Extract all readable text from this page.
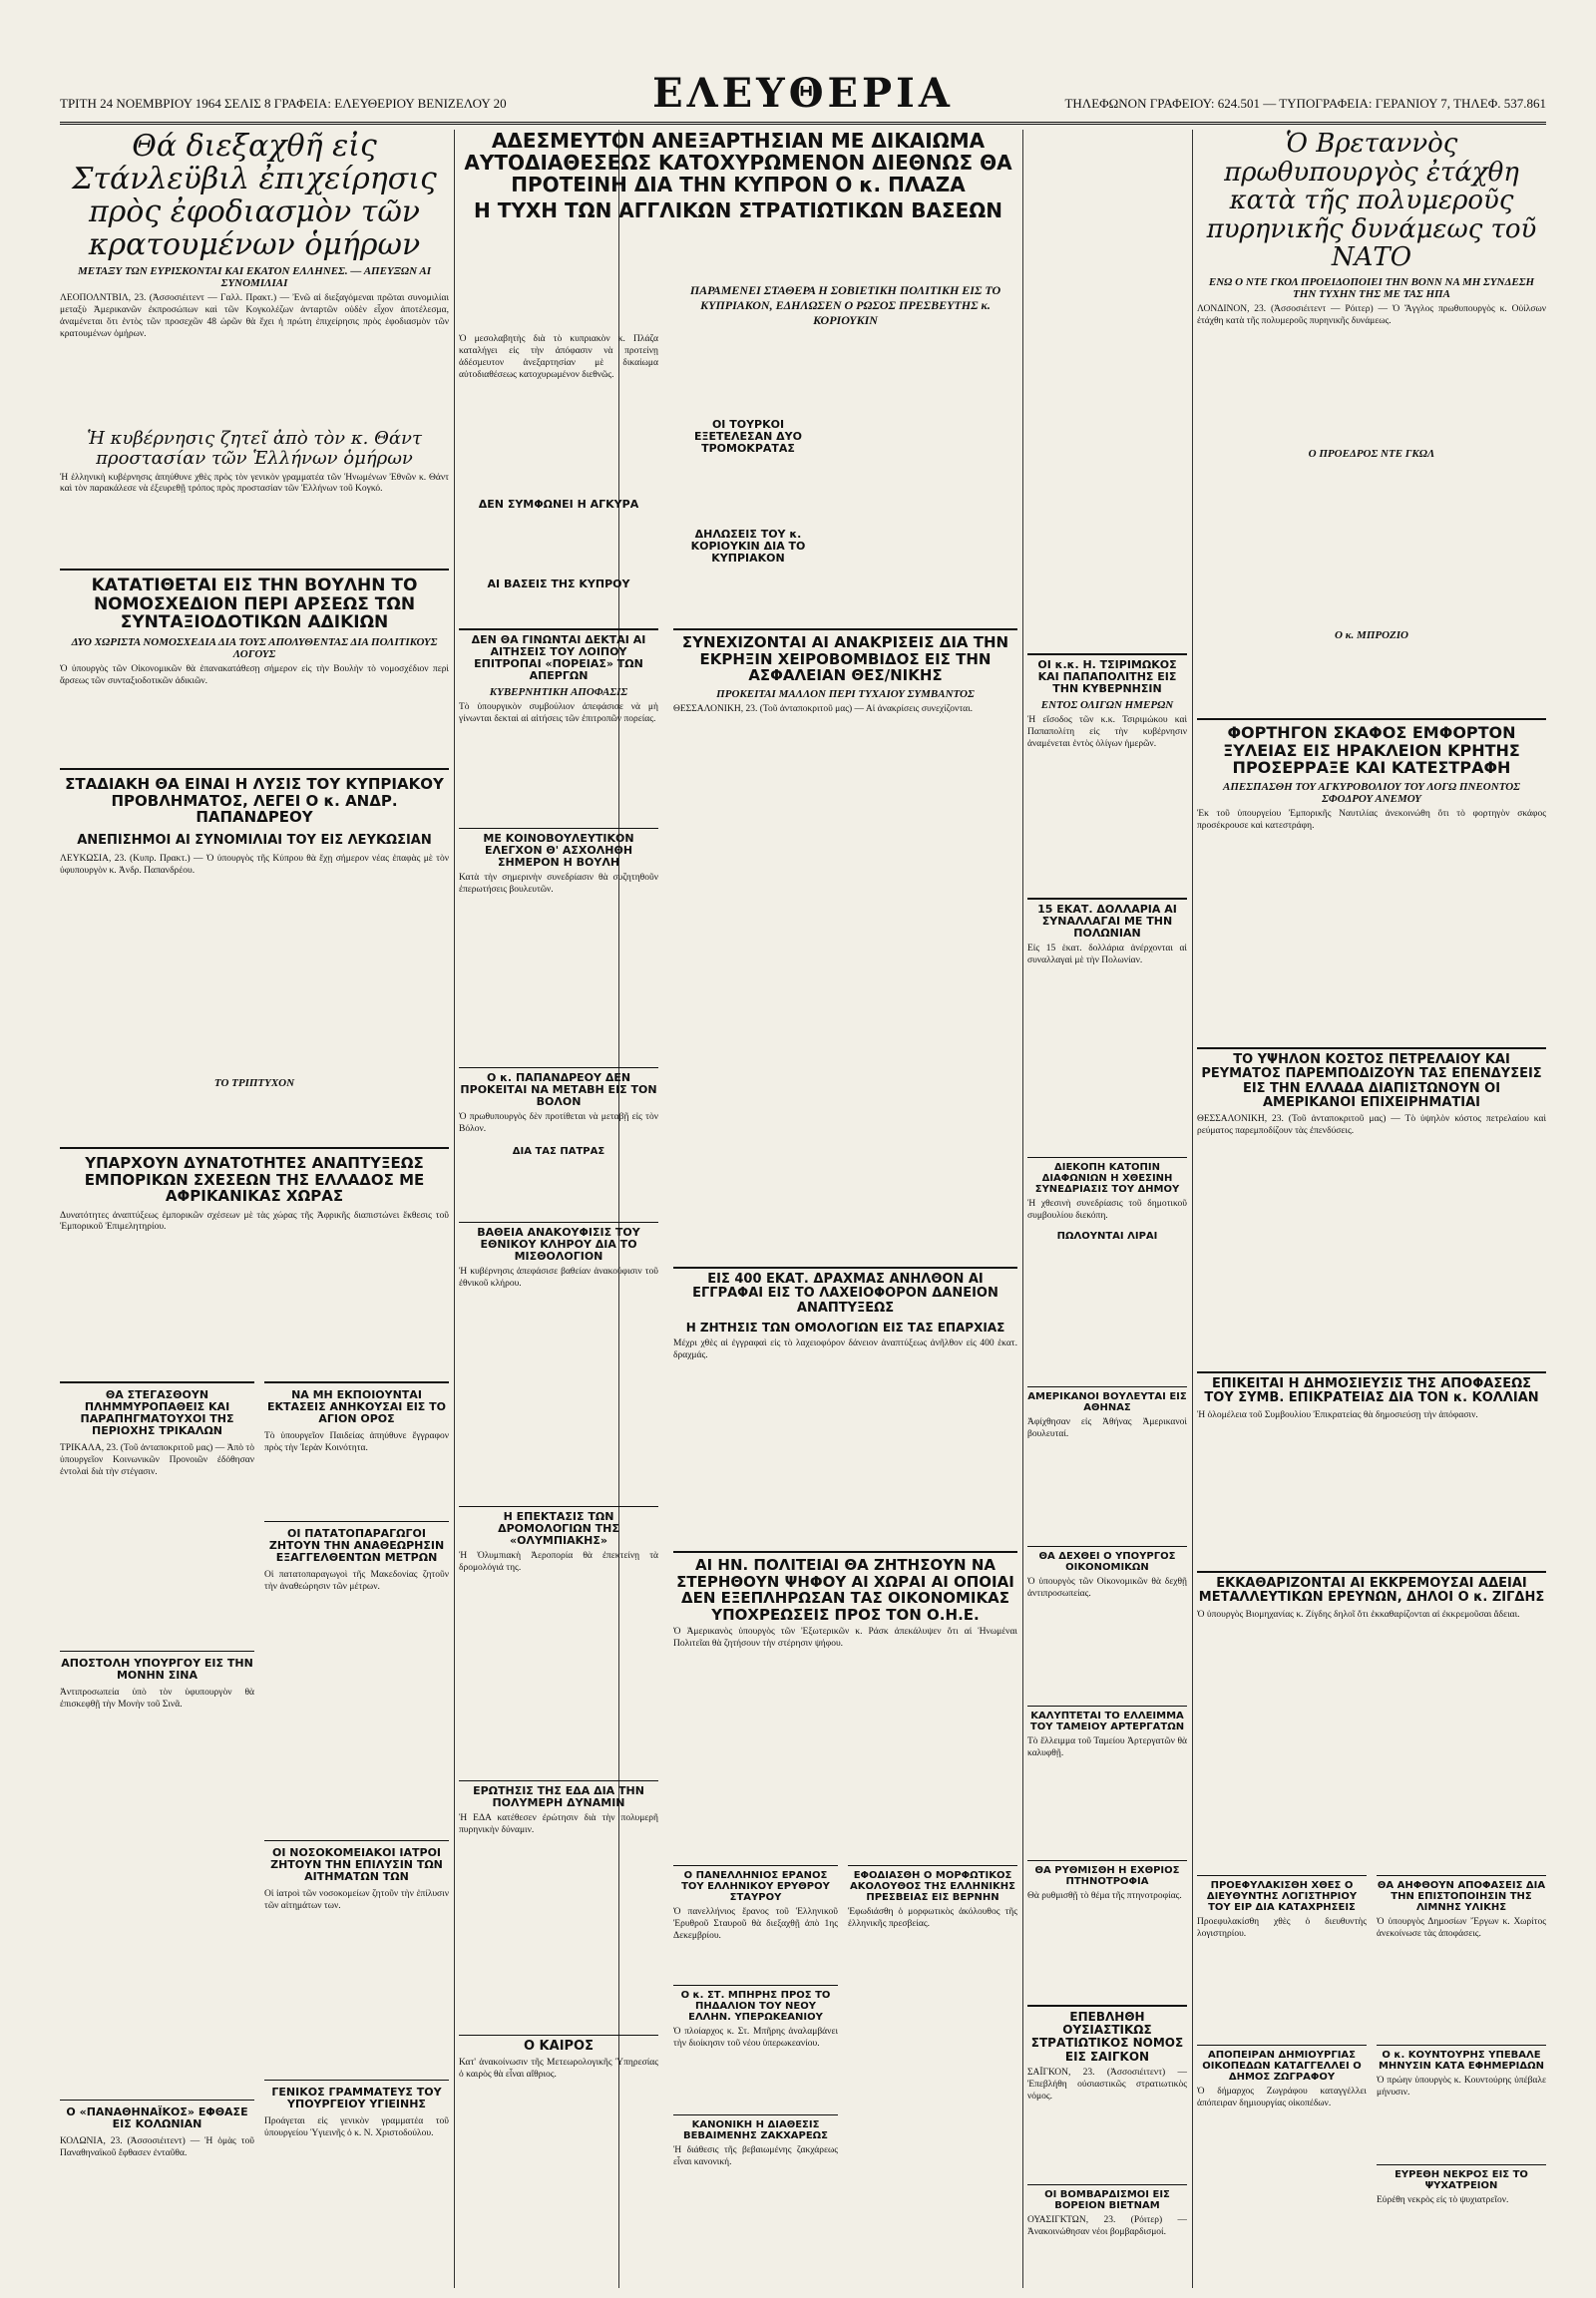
ΤΡΙΤΗ 24 ΝΟΕΜΒΡΙΟΥ 1964 ΣΕΛΙΣ 8 ΓΡΑΦΕΙΑ: ΕΛΕΥΘΕΡΙΟΥ ΒΕΝΙΖΕΛΟΥ 20	ΕΛΕΥΘΕΡΙΑ	ΤΗΛΕΦΩΝΟΝ ΓΡΑΦΕΙΟΥ: 624.501 — ΤΥΠΟΓΡΑΦΕΙΑ: ΓΕΡΑΝΙΟΥ 7, ΤΗΛΕΦ. 537.861
Θά διεξαχθῆ εἰς Στάνλεϋβιλ ἐπιχείρησις πρὸς ἐφοδιασμὸν τῶν κρατουμένων ὁμήρων
ΜΕΤΑΞΥ ΤΩΝ ΕΥΡΙΣΚΟΝΤΑΙ ΚΑΙ ΕΚΑΤΟΝ ΕΛΛΗΝΕΣ. — ΑΠΕΥΞΩΝ ΑΙ ΣΥΝΟΜΙΛΙΑΙ
ΛΕΟΠΟΛΝΤΒΙΛ, 23. (Ἀσσοσιέιτεντ — Γαλλ. Πρακτ.) — Ἐνῶ αἱ διεξαγόμεναι πρῶται συνομιλίαι μεταξὺ Ἀμερικανῶν ἐκπροσώπων καὶ τῶν Κογκολέζων ἀνταρτῶν οὐδὲν εἶχον ἀποτέλεσμα, ἀναμένεται ὅτι ἐντὸς τῶν προσεχῶν 48 ὡρῶν θὰ ἔχει ἡ πρώτη ἐπιχείρησις πρὸς ἐφοδιασμὸν τῶν κρατουμένων ὁμήρων.
Ἡ κυβέρνησις ζητεῖ ἀπὸ τὸν κ. Θάντ προστασίαν τῶν Ἑλλήνων ὁμήρων
Ἡ ἑλληνικὴ κυβέρνησις ἀπηύθυνε χθὲς πρὸς τὸν γενικὸν γραμματέα τῶν Ἡνωμένων Ἐθνῶν κ. Θάντ καὶ τὸν παρακάλεσε νὰ ἐξευρεθῇ τρόπος πρὸς προστασίαν τῶν Ἑλλήνων τοῦ Κογκό.
ΚΑΤΑΤΙΘΕΤΑΙ ΕΙΣ ΤΗΝ ΒΟΥΛΗΝ ΤΟ ΝΟΜΟΣΧΕΔΙΟΝ ΠΕΡΙ ΑΡΣΕΩΣ ΤΩΝ ΣΥΝΤΑΞΙΟΔΟΤΙΚΩΝ ΑΔΙΚΙΩΝ
ΔΥΟ ΧΩΡΙΣΤΑ ΝΟΜΟΣΧΕΔΙΑ ΔΙΑ ΤΟΥΣ ΑΠΟΛΥΘΕΝΤΑΣ ΔΙΑ ΠΟΛΙΤΙΚΟΥΣ ΛΟΓΟΥΣ
Ὁ ὑπουργὸς τῶν Οἰκονομικῶν θὰ ἐπανακατάθεσῃ σήμερον εἰς τὴν Βουλὴν τὸ νομοσχέδιον περὶ ἄρσεως τῶν συνταξιοδοτικῶν ἀδικιῶν.
ΣΤΑΔΙΑΚΗ ΘΑ ΕΙΝΑΙ Η ΛΥΣΙΣ ΤΟΥ ΚΥΠΡΙΑΚΟΥ ΠΡΟΒΛΗΜΑΤΟΣ, ΛΕΓΕΙ Ο κ. ΑΝΔΡ. ΠΑΠΑΝΔΡΕΟΥ
ΑΝΕΠΙΣΗΜΟΙ ΑΙ ΣΥΝΟΜΙΛΙΑΙ ΤΟΥ ΕΙΣ ΛΕΥΚΩΣΙΑΝ
ΛΕΥΚΩΣΙΑ, 23. (Κυπρ. Πρακτ.) — Ὁ ὑπουργὸς τῆς Κύπρου θὰ ἔχῃ σήμερον νέας ἐπαφὰς μὲ τὸν ὑφυπουργὸν κ. Ἀνδρ. Παπανδρέου.
ΤΟ ΤΡΙΠΤΥΧΟΝ
ΥΠΑΡΧΟΥΝ ΔΥΝΑΤΟΤΗΤΕΣ ΑΝΑΠΤΥΞΕΩΣ ΕΜΠΟΡΙΚΩΝ ΣΧΕΣΕΩΝ ΤΗΣ ΕΛΛΑΔΟΣ ΜΕ ΑΦΡΙΚΑΝΙΚΑΣ ΧΩΡΑΣ
Δυνατότητες ἀναπτύξεως ἐμπορικῶν σχέσεων μὲ τὰς χώρας τῆς Ἀφρικῆς διαπιστώνει ἔκθεσις τοῦ Ἐμπορικοῦ Ἐπιμελητηρίου.
ΘΑ ΣΤΕΓΑΣΘΟΥΝ ΠΛΗΜΜΥΡΟΠΑΘΕΙΣ ΚΑΙ ΠΑΡΑΠΗΓΜΑΤΟΥΧΟΙ ΤΗΣ ΠΕΡΙΟΧΗΣ ΤΡΙΚΑΛΩΝ
ΤΡΙΚΑΛΑ, 23. (Τοῦ ἀνταποκριτοῦ μας) — Ἀπὸ τὸ ὑπουργεῖον Κοινωνικῶν Προνοιῶν ἐδόθησαν ἐντολαὶ διὰ τὴν στέγασιν.
ΑΠΟΣΤΟΛΗ ΥΠΟΥΡΓΟΥ ΕΙΣ ΤΗΝ ΜΟΝΗΝ ΣΙΝΑ
Ἀντιπροσωπεία ὑπὸ τὸν ὑφυπουργὸν θὰ ἐπισκεφθῇ τὴν Μονὴν τοῦ Σινᾶ.
Ο «ΠΑΝΑΘΗΝΑΪΚΟΣ» ΕΦΘΑΣΕ ΕΙΣ ΚΟΛΩΝΙΑΝ
ΚΟΛΩΝΙΑ, 23. (Ἀσσοσιέιτεντ) — Ἡ ὁμὰς τοῦ Παναθηναϊκοῦ ἔφθασεν ἐνταῦθα.
ΝΑ ΜΗ ΕΚΠΟΙΟΥΝΤΑΙ ΕΚΤΑΣΕΙΣ ΑΝΗΚΟΥΣΑΙ ΕΙΣ ΤΟ ΑΓΙΟΝ ΟΡΟΣ
Τὸ ὑπουργεῖον Παιδείας ἀπηύθυνε ἔγγραφον πρὸς τὴν Ἱερὰν Κοινότητα.
ΟΙ ΠΑΤΑΤΟΠΑΡΑΓΩΓΟΙ ΖΗΤΟΥΝ ΤΗΝ ΑΝΑΘΕΩΡΗΣΙΝ ΕΞΑΓΓΕΛΘΕΝΤΩΝ ΜΕΤΡΩΝ
Οἱ πατατοπαραγωγοὶ τῆς Μακεδονίας ζητοῦν τὴν ἀναθεώρησιν τῶν μέτρων.
ΟΙ ΝΟΣΟΚΟΜΕΙΑΚΟΙ ΙΑΤΡΟΙ ΖΗΤΟΥΝ ΤΗΝ ΕΠΙΛΥΣΙΝ ΤΩΝ ΑΙΤΗΜΑΤΩΝ ΤΩΝ
Οἱ ἰατροὶ τῶν νοσοκομείων ζητοῦν τὴν ἐπίλυσιν τῶν αἰτημάτων των.
ΓΕΝΙΚΟΣ ΓΡΑΜΜΑΤΕΥΣ ΤΟΥ ΥΠΟΥΡΓΕΙΟΥ ΥΓΙΕΙΝΗΣ
Προάγεται εἰς γενικὸν γραμματέα τοῦ ὑπουργείου Ὑγιεινῆς ὁ κ. Ν. Χριστοδούλου.
ΑΔΕΣΜΕΥΤΟΝ ΑΝΕΞΑΡΤΗΣΙΑΝ ΜΕ ΔΙΚΑΙΩΜΑ ΑΥΤΟΔΙΑΘΕΣΕΩΣ ΚΑΤΟΧΥΡΩΜΕΝΟΝ ΔΙΕΘΝΩΣ ΘΑ ΠΡΟΤΕΙΝΗ ΔΙΑ ΤΗΝ ΚΥΠΡΟΝ Ο κ. ΠΛΑΖΑ
Η ΤΥΧΗ ΤΩΝ ΑΓΓΛΙΚΩΝ ΣΤΡΑΤΙΩΤΙΚΩΝ ΒΑΣΕΩΝ
ΠΑΡΑΜΕΝΕΙ ΣΤΑΘΕΡΑ Η ΣΟΒΙΕΤΙΚΗ ΠΟΛΙΤΙΚΗ ΕΙΣ ΤΟ ΚΥΠΡΙΑΚΟΝ, ΕΔΗΛΩΣΕΝ Ο ΡΩΣΟΣ ΠΡΕΣΒΕΥΤΗΣ κ. ΚΟΡΙΟΥΚΙΝ
Ὁ μεσολαβητὴς διὰ τὸ κυπριακὸν κ. Πλάζα καταλήγει εἰς τὴν ἀπόφασιν νὰ προτείνῃ ἀδέσμευτον ἀνεξαρτησίαν μὲ δικαίωμα αὐτοδιαθέσεως κατοχυρωμένον διεθνῶς.
ΟΙ ΤΟΥΡΚΟΙ ΕΞΕΤΕΛΕΣΑΝ ΔΥΟ ΤΡΟΜΟΚΡΑΤΑΣ
ΔΗΛΩΣΕΙΣ ΤΟΥ κ. ΚΟΡΙΟΥΚΙΝ ΔΙΑ ΤΟ ΚΥΠΡΙΑΚΟΝ
ΔΕΝ ΣΥΜΦΩΝΕΙ Η ΑΓΚΥΡΑ
ΑΙ ΒΑΣΕΙΣ ΤΗΣ ΚΥΠΡΟΥ
ΔΕΝ ΘΑ ΓΙΝΩΝΤΑΙ ΔΕΚΤΑΙ ΑΙ ΑΙΤΗΣΕΙΣ ΤΟΥ ΛΟΙΠΟΥ ΕΠΙΤΡΟΠΑΙ «ΠΟΡΕΙΑΣ» ΤΩΝ ΑΠΕΡΓΩΝ
ΚΥΒΕΡΝΗΤΙΚΗ ΑΠΟΦΑΣΙΣ
Τὸ ὑπουργικὸν συμβούλιον ἀπεφάσισε νὰ μὴ γίνωνται δεκταὶ αἱ αἰτήσεις τῶν ἐπιτροπῶν πορείας.
ΜΕ ΚΟΙΝΟΒΟΥΛΕΥΤΙΚΟΝ ΕΛΕΓΧΟΝ Θ' ΑΣΧΟΛΗΘΗ ΣΗΜΕΡΟΝ Η ΒΟΥΛΗ
Κατὰ τὴν σημερινὴν συνεδρίασιν θὰ συζητηθοῦν ἐπερωτήσεις βουλευτῶν.
Ο κ. ΠΑΠΑΝΔΡΕΟΥ ΔΕΝ ΠΡΟΚΕΙΤΑΙ ΝΑ ΜΕΤΑΒΗ ΕΙΣ ΤΟΝ ΒΟΛΟΝ
Ὁ πρωθυπουργὸς δὲν προτίθεται νὰ μεταβῇ εἰς τὸν Βόλον.
ΔΙΑ ΤΑΣ ΠΑΤΡΑΣ
ΒΑΘΕΙΑ ΑΝΑΚΟΥΦΙΣΙΣ ΤΟΥ ΕΘΝΙΚΟΥ ΚΛΗΡΟΥ ΔΙΑ ΤΟ ΜΙΣΘΟΛΟΓΙΟΝ
Ἡ κυβέρνησις ἀπεφάσισε βαθείαν ἀνακούφισιν τοῦ ἐθνικοῦ κλήρου.
Η ΕΠΕΚΤΑΣΙΣ ΤΩΝ ΔΡΟΜΟΛΟΓΙΩΝ ΤΗΣ «ΟΛΥΜΠΙΑΚΗΣ»
Ἡ Ὀλυμπιακὴ Ἀεροπορία θὰ ἐπεκτείνῃ τὰ δρομολόγιά της.
ΕΡΩΤΗΣΙΣ ΤΗΣ ΕΔΑ ΔΙΑ ΤΗΝ ΠΟΛΥΜΕΡΗ ΔΥΝΑΜΙΝ
Ἡ ΕΔΑ κατέθεσεν ἐρώτησιν διὰ τὴν πολυμερῆ πυρηνικὴν δύναμιν.
Ο ΚΑΙΡΟΣ
Κατ' ἀνακοίνωσιν τῆς Μετεωρολογικῆς Ὑπηρεσίας ὁ καιρὸς θὰ εἶναι αἴθριος.
ΣΥΝΕΧΙΖΟΝΤΑΙ ΑΙ ΑΝΑΚΡΙΣΕΙΣ ΔΙΑ ΤΗΝ ΕΚΡΗΞΙΝ ΧΕΙΡΟΒΟΜΒΙΔΟΣ ΕΙΣ ΤΗΝ ΑΣΦΑΛΕΙΑΝ ΘΕΣ/ΝΙΚΗΣ
ΠΡΟΚΕΙΤΑΙ ΜΑΛΛΟΝ ΠΕΡΙ ΤΥΧΑΙΟΥ ΣΥΜΒΑΝΤΟΣ
ΘΕΣΣΑΛΟΝΙΚΗ, 23. (Τοῦ ἀνταποκριτοῦ μας) — Αἱ ἀνακρίσεις συνεχίζονται.
ΕΙΣ 400 ΕΚΑΤ. ΔΡΑΧΜΑΣ ΑΝΗΛΘΟΝ ΑΙ ΕΓΓΡΑΦΑΙ ΕΙΣ ΤΟ ΛΑΧΕΙΟΦΟΡΟΝ ΔΑΝΕΙΟΝ ΑΝΑΠΤΥΞΕΩΣ
Η ΖΗΤΗΣΙΣ ΤΩΝ ΟΜΟΛΟΓΙΩΝ ΕΙΣ ΤΑΣ ΕΠΑΡΧΙΑΣ
Μέχρι χθὲς αἱ ἐγγραφαὶ εἰς τὸ λαχειοφόρον δάνειον ἀναπτύξεως ἀνῆλθον εἰς 400 ἑκατ. δραχμάς.
ΑΙ ΗΝ. ΠΟΛΙΤΕΙΑΙ ΘΑ ΖΗΤΗΣΟΥΝ ΝΑ ΣΤΕΡΗΘΟΥΝ ΨΗΦΟΥ ΑΙ ΧΩΡΑΙ ΑΙ ΟΠΟΙΑΙ ΔΕΝ ΕΞΕΠΛΗΡΩΣΑΝ ΤΑΣ ΟΙΚΟΝΟΜΙΚΑΣ ΥΠΟΧΡΕΩΣΕΙΣ ΠΡΟΣ ΤΟΝ Ο.Η.Ε.
Ὁ Ἀμερικανὸς ὑπουργὸς τῶν Ἐξωτερικῶν κ. Ράσκ ἀπεκάλυψεν ὅτι αἱ Ἡνωμέναι Πολιτεῖαι θὰ ζητήσουν τὴν στέρησιν ψήφου.
Ο ΠΑΝΕΛΛΗΝΙΟΣ ΕΡΑΝΟΣ ΤΟΥ ΕΛΛΗΝΙΚΟΥ ΕΡΥΘΡΟΥ ΣΤΑΥΡΟΥ
Ὁ πανελλήνιος ἔρανος τοῦ Ἑλληνικοῦ Ἐρυθροῦ Σταυροῦ θὰ διεξαχθῇ ἀπὸ 1ης Δεκεμβρίου.
ΕΦΟΔΙΑΣΘΗ Ο ΜΟΡΦΩΤΙΚΟΣ ΑΚΟΛΟΥΘΟΣ ΤΗΣ ΕΛΛΗΝΙΚΗΣ ΠΡΕΣΒΕΙΑΣ ΕΙΣ ΒΕΡΝΗΝ
Ἐφωδιάσθη ὁ μορφωτικὸς ἀκόλουθος τῆς ἑλληνικῆς πρεσβείας.
Ο κ. ΣΤ. ΜΠΗΡΗΣ ΠΡΟΣ ΤΟ ΠΗΔΑΛΙΟΝ ΤΟΥ ΝΕΟΥ ΕΛΛΗΝ. ΥΠΕΡΩΚΕΑΝΙΟΥ
Ὁ πλοίαρχος κ. Στ. Μπῆρης ἀναλαμβάνει τὴν διοίκησιν τοῦ νέου ὑπερωκεανίου.
ΚΑΝΟΝΙΚΗ Η ΔΙΑΘΕΣΙΣ ΒΕΒΑΙΜΕΝΗΣ ΖΑΚΧΑΡΕΩΣ
Ἡ διάθεσις τῆς βεβαιωμένης ζακχάρεως εἶναι κανονική.
ΟΙ κ.κ. Η. ΤΣΙΡΙΜΩΚΟΣ ΚΑΙ ΠΑΠΑΠΟΛΙΤΗΣ ΕΙΣ ΤΗΝ ΚΥΒΕΡΝΗΣΙΝ
ΕΝΤΟΣ ΟΛΙΓΩΝ ΗΜΕΡΩΝ
Ἡ εἴσοδος τῶν κ.κ. Τσιριμώκου καὶ Παπαπολίτη εἰς τὴν κυβέρνησιν ἀναμένεται ἐντὸς ὀλίγων ἡμερῶν.
15 ΕΚΑΤ. ΔΟΛΛΑΡΙΑ ΑΙ ΣΥΝΑΛΛΑΓΑΙ ΜΕ ΤΗΝ ΠΟΛΩΝΙΑΝ
Εἰς 15 ἑκατ. δολλάρια ἀνέρχονται αἱ συναλλαγαὶ μὲ τὴν Πολωνίαν.
ΔΙΕΚΟΠΗ ΚΑΤΟΠΙΝ ΔΙΑΦΩΝΙΩΝ Η ΧΘΕΣΙΝΗ ΣΥΝΕΔΡΙΑΣΙΣ ΤΟΥ ΔΗΜΟΥ
Ἡ χθεσινὴ συνεδρίασις τοῦ δημοτικοῦ συμβουλίου διεκόπη.
ΠΩΛΟΥΝΤΑΙ ΛΙΡΑΙ
ΑΜΕΡΙΚΑΝΟΙ ΒΟΥΛΕΥΤΑΙ ΕΙΣ ΑΘΗΝΑΣ
Ἀφίχθησαν εἰς Ἀθήνας Ἀμερικανοὶ βουλευταί.
ΘΑ ΔΕΧΘΕΙ Ο ΥΠΟΥΡΓΟΣ ΟΙΚΟΝΟΜΙΚΩΝ
Ὁ ὑπουργὸς τῶν Οἰκονομικῶν θὰ δεχθῇ ἀντιπροσωπείας.
ΚΑΛΥΠΤΕΤΑΙ ΤΟ ΕΛΛΕΙΜΜΑ ΤΟΥ ΤΑΜΕΙΟΥ ΑΡΤΕΡΓΑΤΩΝ
Τὸ ἔλλειμμα τοῦ Ταμείου Ἀρτεργατῶν θὰ καλυφθῇ.
ΘΑ ΡΥΘΜΙΣΘΗ Η ΕΧΘΡΙΟΣ ΠΤΗΝΟΤΡΟΦΙΑ
Θὰ ρυθμισθῇ τὸ θέμα τῆς πτηνοτροφίας.
ΕΠΕΒΛΗΘΗ ΟΥΣΙΑΣΤΙΚΩΣ ΣΤΡΑΤΙΩΤΙΚΟΣ ΝΟΜΟΣ ΕΙΣ ΣΑΙΓΚΟΝ
ΣΑΪΓΚΟΝ, 23. (Ἀσσοσιέιτεντ) — Ἐπεβλήθη οὐσιαστικῶς στρατιωτικὸς νόμος.
ΟΙ ΒΟΜΒΑΡΔΙΣΜΟΙ ΕΙΣ ΒΟΡΕΙΟΝ ΒΙΕΤΝΑΜ
ΟΥΑΣΙΓΚΤΩΝ, 23. (Ρόιτερ) — Ἀνακοινώθησαν νέοι βομβαρδισμοί.
Ὁ Βρεταννὸς πρωθυπουργὸς ἐτάχθη κατὰ τῆς πολυμεροῦς πυρηνικῆς δυνάμεως τοῦ ΝΑΤΟ
ΕΝΩ Ο ΝΤΕ ΓΚΟΛ ΠΡΟΕΙΔΟΠΟΙΕΙ ΤΗΝ ΒΟΝΝ ΝΑ ΜΗ ΣΥΝΔΕΣΗ ΤΗΝ ΤΥΧΗΝ ΤΗΣ ΜΕ ΤΑΣ ΗΠΑ
ΛΟΝΔΙΝΟΝ, 23. (Ἀσσοσιέιτεντ — Ρόιτερ) — Ὁ Ἄγγλος πρωθυπουργὸς κ. Οὐίλσων ἐτάχθη κατὰ τῆς πολυμεροῦς πυρηνικῆς δυνάμεως.
Ο ΠΡΟΕΔΡΟΣ ΝΤΕ ΓΚΩΛ
Ο κ. ΜΠΡΟΖΙΟ
ΦΟΡΤΗΓΟΝ ΣΚΑΦΟΣ ΕΜΦΟΡΤΟΝ ΞΥΛΕΙΑΣ ΕΙΣ ΗΡΑΚΛΕΙΟΝ ΚΡΗΤΗΣ ΠΡΟΣΕΡΡΑΞΕ ΚΑΙ ΚΑΤΕΣΤΡΑΦΗ
ΑΠΕΣΠΑΣΘΗ ΤΟΥ ΑΓΚΥΡΟΒΟΛΙΟΥ ΤΟΥ ΛΟΓΩ ΠΝΕΟΝΤΟΣ ΣΦΟΔΡΟΥ ΑΝΕΜΟΥ
Ἐκ τοῦ ὑπουργείου Ἐμπορικῆς Ναυτιλίας ἀνεκοινώθη ὅτι τὸ φορτηγὸν σκάφος προσέκρουσε καὶ κατεστράφη.
ΤΟ ΥΨΗΛΟΝ ΚΟΣΤΟΣ ΠΕΤΡΕΛΑΙΟΥ ΚΑΙ ΡΕΥΜΑΤΟΣ ΠΑΡΕΜΠΟΔΙΖΟΥΝ ΤΑΣ ΕΠΕΝΔΥΣΕΙΣ ΕΙΣ ΤΗΝ ΕΛΛΑΔΑ ΔΙΑΠΙΣΤΩΝΟΥΝ ΟΙ ΑΜΕΡΙΚΑΝΟΙ ΕΠΙΧΕΙΡΗΜΑΤΙΑΙ
ΘΕΣΣΑΛΟΝΙΚΗ, 23. (Τοῦ ἀνταποκριτοῦ μας) — Τὸ ὑψηλὸν κόστος πετρελαίου καὶ ρεύματος παρεμποδίζουν τὰς ἐπενδύσεις.
ΕΠΙΚΕΙΤΑΙ Η ΔΗΜΟΣΙΕΥΣΙΣ ΤΗΣ ΑΠΟΦΑΣΕΩΣ ΤΟΥ ΣΥΜΒ. ΕΠΙΚΡΑΤΕΙΑΣ ΔΙΑ ΤΟΝ κ. ΚΟΛΛΙΑΝ
Ἡ ὁλομέλεια τοῦ Συμβουλίου Ἐπικρατείας θὰ δημοσιεύσῃ τὴν ἀπόφασιν.
ΕΚΚΑΘΑΡΙΖΟΝΤΑΙ ΑΙ ΕΚΚΡΕΜΟΥΣΑΙ ΑΔΕΙΑΙ ΜΕΤΑΛΛΕΥΤΙΚΩΝ ΕΡΕΥΝΩΝ, ΔΗΛΟΙ Ο κ. ΖΙΓΔΗΣ
Ὁ ὑπουργὸς Βιομηχανίας κ. Ζίγδης δηλοῖ ὅτι ἐκκαθαρίζονται αἱ ἐκκρεμοῦσαι ἄδειαι.
ΠΡΟΕΦΥΛΑΚΙΣΘΗ ΧΘΕΣ Ο ΔΙΕΥΘΥΝΤΗΣ ΛΟΓΙΣΤΗΡΙΟΥ ΤΟΥ ΕΙΡ ΔΙΑ ΚΑΤΑΧΡΗΣΕΙΣ
Προεφυλακίσθη χθὲς ὁ διευθυντὴς λογιστηρίου.
ΘΑ ΑΗΦΘΟΥΝ ΑΠΟΦΑΣΕΙΣ ΔΙΑ ΤΗΝ ΕΠΙΣΤΟΠΟΙΗΣΙΝ ΤΗΣ ΛΙΜΝΗΣ ΥΛΙΚΗΣ
Ὁ ὑπουργὸς Δημοσίων Ἔργων κ. Χωρίτος ἀνεκοίνωσε τὰς ἀποφάσεις.
ΑΠΟΠΕΙΡΑΝ ΔΗΜΙΟΥΡΓΙΑΣ ΟΙΚΟΠΕΔΩΝ ΚΑΤΑΓΓΕΛΛΕΙ Ο ΔΗΜΟΣ ΖΩΓΡΑΦΟΥ
Ὁ δήμαρχος Ζωγράφου καταγγέλλει ἀπόπειραν δημιουργίας οἰκοπέδων.
Ο κ. ΚΟΥΝΤΟΥΡΗΣ ΥΠΕΒΑΛΕ ΜΗΝΥΣΙΝ ΚΑΤΑ ΕΦΗΜΕΡΙΔΩΝ
Ὁ πρώην ὑπουργὸς κ. Κουντούρης ὑπέβαλε μήνυσιν.
ΕΥΡΕΘΗ ΝΕΚΡΟΣ ΕΙΣ ΤΟ ΨΥΧΑΤΡΕΙΟΝ
Εὑρέθη νεκρὸς εἰς τὸ ψυχιατρεῖον.
